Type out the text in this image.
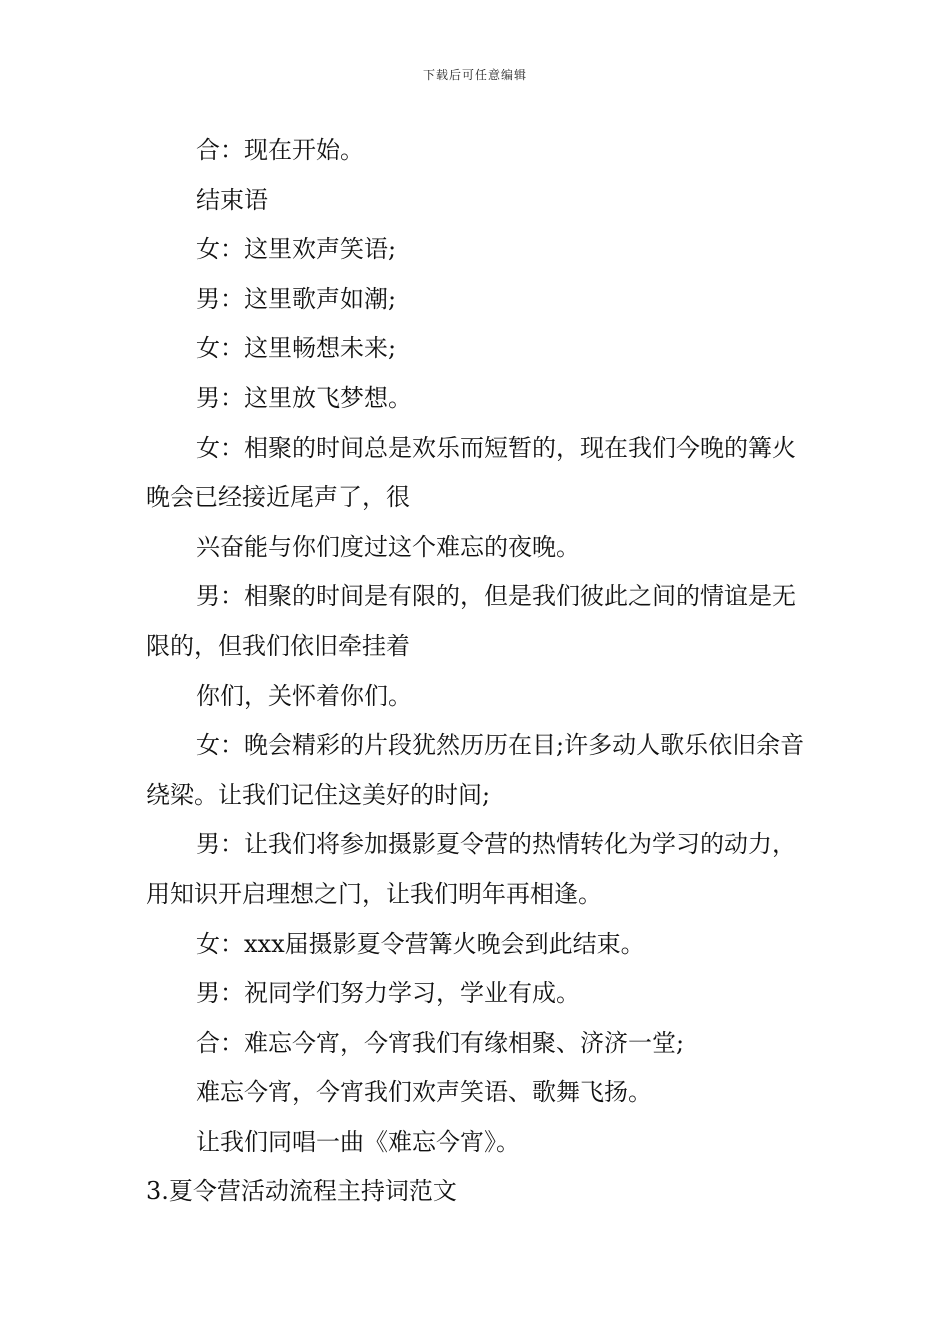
下载后可任意编辑

合：现在开始。

结束语

女：这里欢声笑语;

男：这里歌声如潮;

女：这里畅想未来;

男：这里放飞梦想。

女：相聚的时间总是欢乐而短暂的，现在我们今晚的篝火晚会已经接近尾声了，很

兴奋能与你们度过这个难忘的夜晚。

男：相聚的时间是有限的，但是我们彼此之间的情谊是无限的，但我们依旧牵挂着

你们，关怀着你们。

女：晚会精彩的片段犹然历历在目;许多动人歌乐依旧余音绕梁。让我们记住这美好的时间;

男：让我们将参加摄影夏令营的热情转化为学习的动力，用知识开启理想之门，让我们明年再相逢。

女：xxx届摄影夏令营篝火晚会到此结束。

男：祝同学们努力学习，学业有成。

合：难忘今宵，今宵我们有缘相聚、济济一堂;

难忘今宵，今宵我们欢声笑语、歌舞飞扬。

让我们同唱一曲《难忘今宵》。

3.夏令营活动流程主持词范文
